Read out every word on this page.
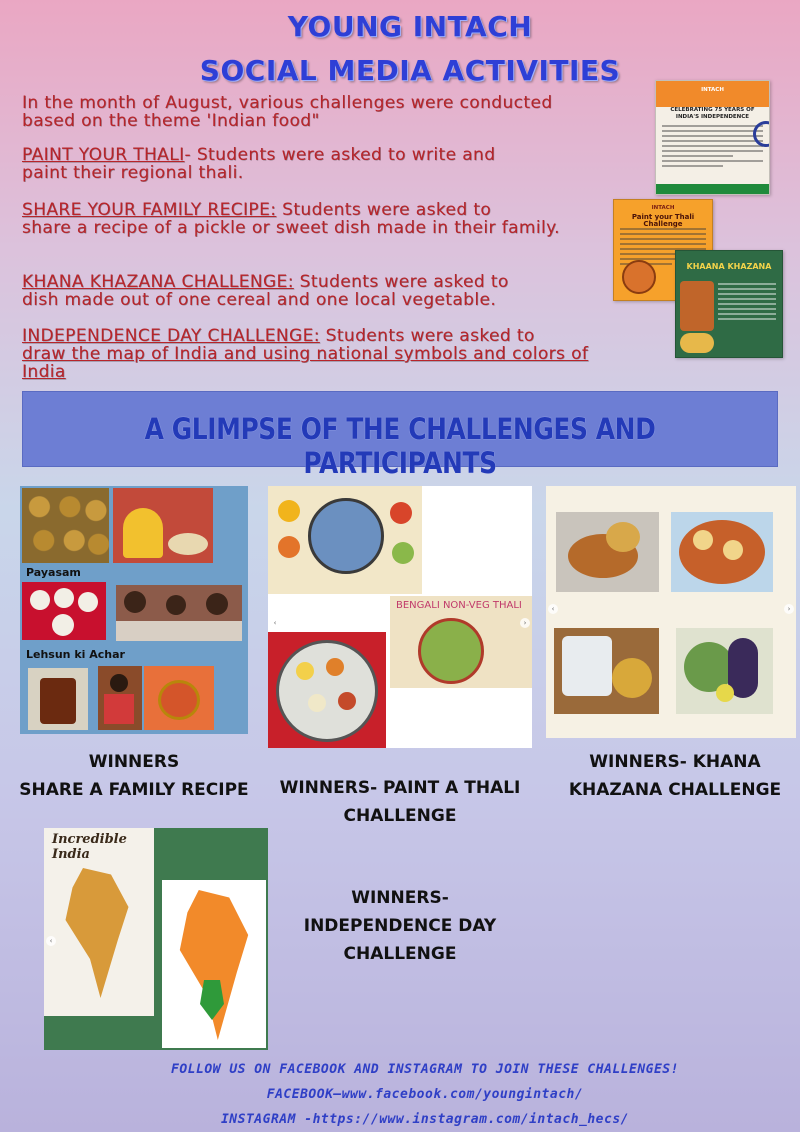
YOUNG INTACH
SOCIAL MEDIA ACTIVITIES
In the month of August, various challenges were conducted
based on the theme 'Indian food"
PAINT YOUR THALI- Students were asked to write and
paint their regional thali.
SHARE YOUR FAMILY RECIPE: Students were asked to
share a recipe of a pickle or sweet dish made in their family.
KHANA KHAZANA CHALLENGE: Students were asked to
dish made out of one cereal and one local vegetable.
INDEPENDENCE DAY CHALLENGE: Students were asked to
draw the map of India and using national symbols and colors of India
INTACH
CELEBRATING 75 YEARS OF INDIA'S INDEPENDENCE
INTACH
Paint your Thali Challenge
KHAANA KHAZANA
A GLIMPSE OF THE CHALLENGES AND PARTICIPANTS
Payasam
Lehsun ki Achar
‹
BENGALI NON-VEG THALI
›
‹	›
WINNERS
SHARE A FAMILY RECIPE	WINNERS- PAINT A THALI
CHALLENGE
WINNERS- KHANA
KHAZANA CHALLENGE
Incredible India
‹
WINNERS-
INDEPENDENCE DAY
CHALLENGE
FOLLOW US ON FACEBOOK AND INSTAGRAM TO JOIN THESE CHALLENGES!
FACEBOOK—www.facebook.com/youngintach/
INSTAGRAM -https://www.instagram.com/intach_hecs/
